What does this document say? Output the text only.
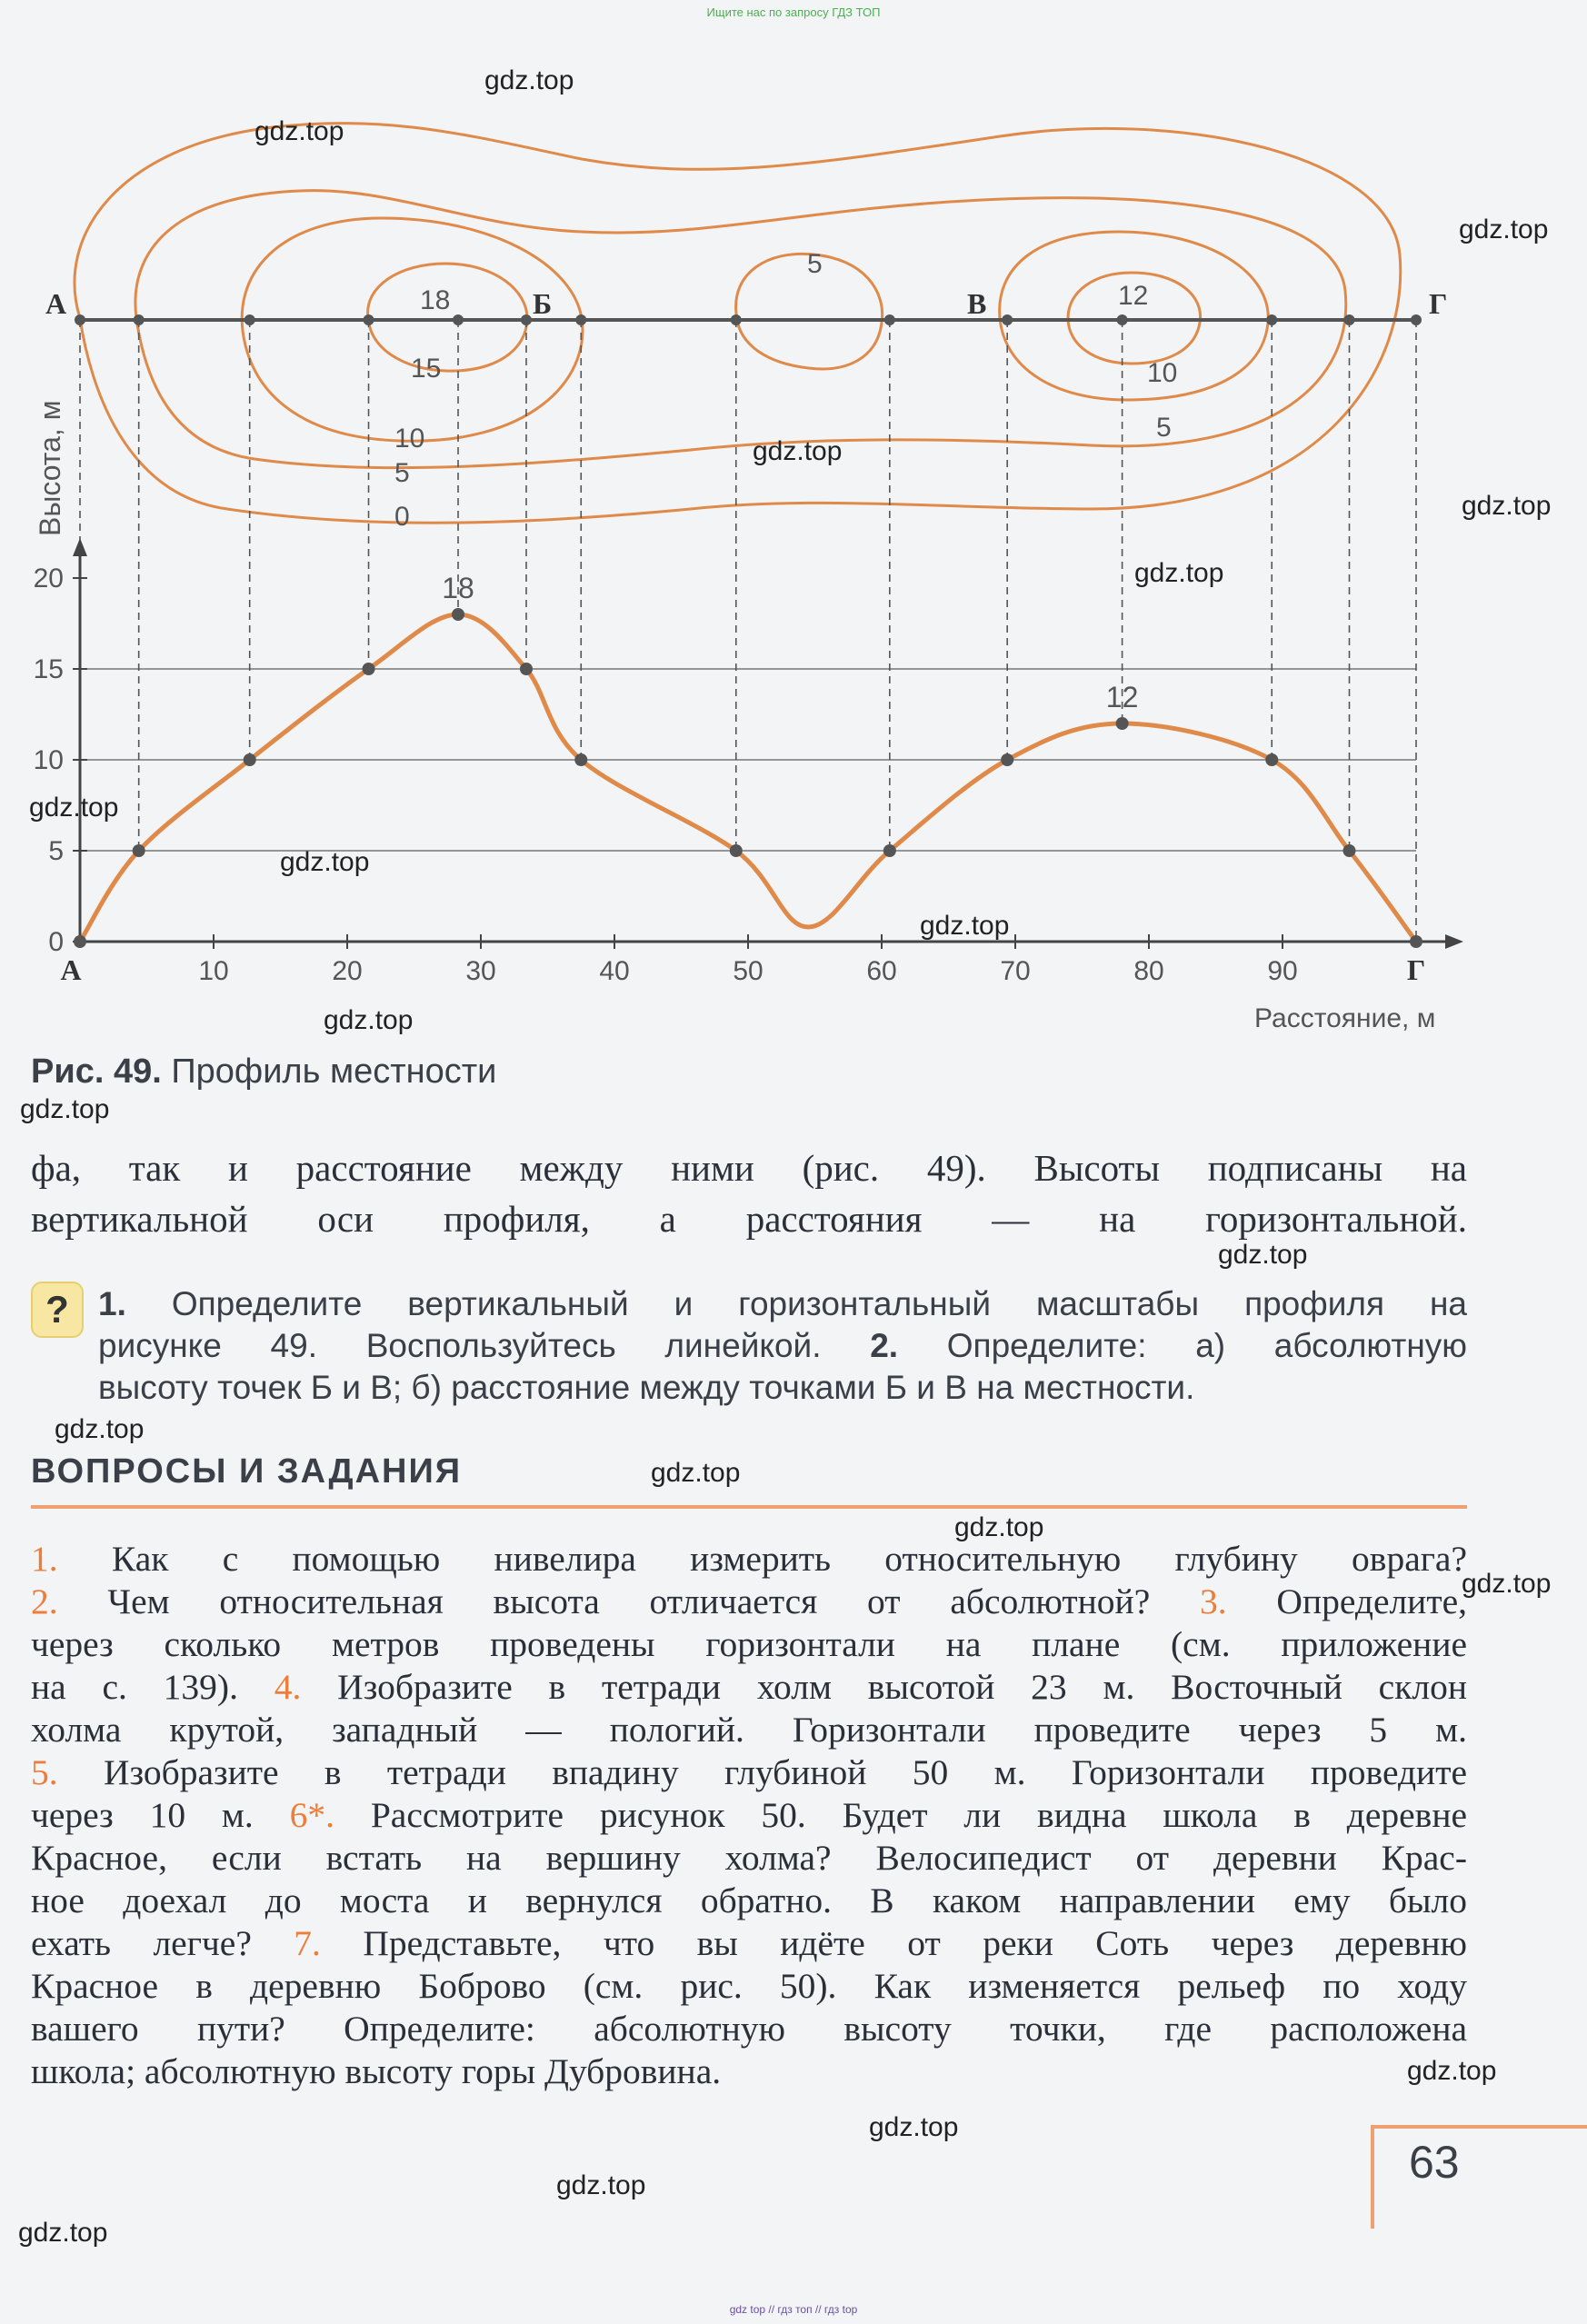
Ищите нас по запросу ГДЗ ТОП
18
15
10
5
0
5
12
10
5
А	Б	В	Г
10	20	30	40	50	60	70	80	90
0
5
10
15
20
А	Г
18
12
Высота, м
Расстояние, м
Рис. 49. Профиль местности
фа, так и расстояние между ними (рис. 49). Высоты подписаны на
вертикальной оси профиля, а расстояния — на горизонтальной.
? 1. Определите вертикальный и горизонтальный масштабы профиля на
рисунке 49. Воспользуйтесь линейкой. 2. Определите: а) абсолютную
высоту точек Б и В; б) расстояние между точками Б и В на местности.
ВОПРОСЫ И ЗАДАНИЯ
1. Как с помощью нивелира измерить относительную глубину оврага?
2. Чем относительная высота отличается от абсолютной? 3. Определите,
через сколько метров проведены горизонтали на плане (см. приложение
на с. 139). 4. Изобразите в тетради холм высотой 23 м. Восточный склон
холма крутой, западный — пологий. Горизонтали проведите через 5 м.
5. Изобразите в тетради впадину глубиной 50 м. Горизонтали проведите
через 10 м. 6*. Рассмотрите рисунок 50. Будет ли видна школа в деревне
Красное, если встать на вершину холма? Велосипедист от деревни Крас-
ное доехал до моста и вернулся обратно. В каком направлении ему было
ехать легче? 7. Представьте, что вы идёте от реки Соть через деревню
Красное в деревню Боброво (см. рис. 50). Как изменяется рельеф по ходу
вашего пути? Определите: абсолютную высоту точки, где расположена
школа; абсолютную высоту горы Дубровина.
63
gdz top // гдз топ // гдз top
gdz.top
gdz.top
gdz.top
gdz.top
gdz.top
gdz.top
gdz.top
gdz.top
gdz.top
gdz.top
gdz.top
gdz.top
gdz.top
gdz.top
gdz.top
gdz.top
gdz.top
gdz.top
gdz.top
gdz.top
